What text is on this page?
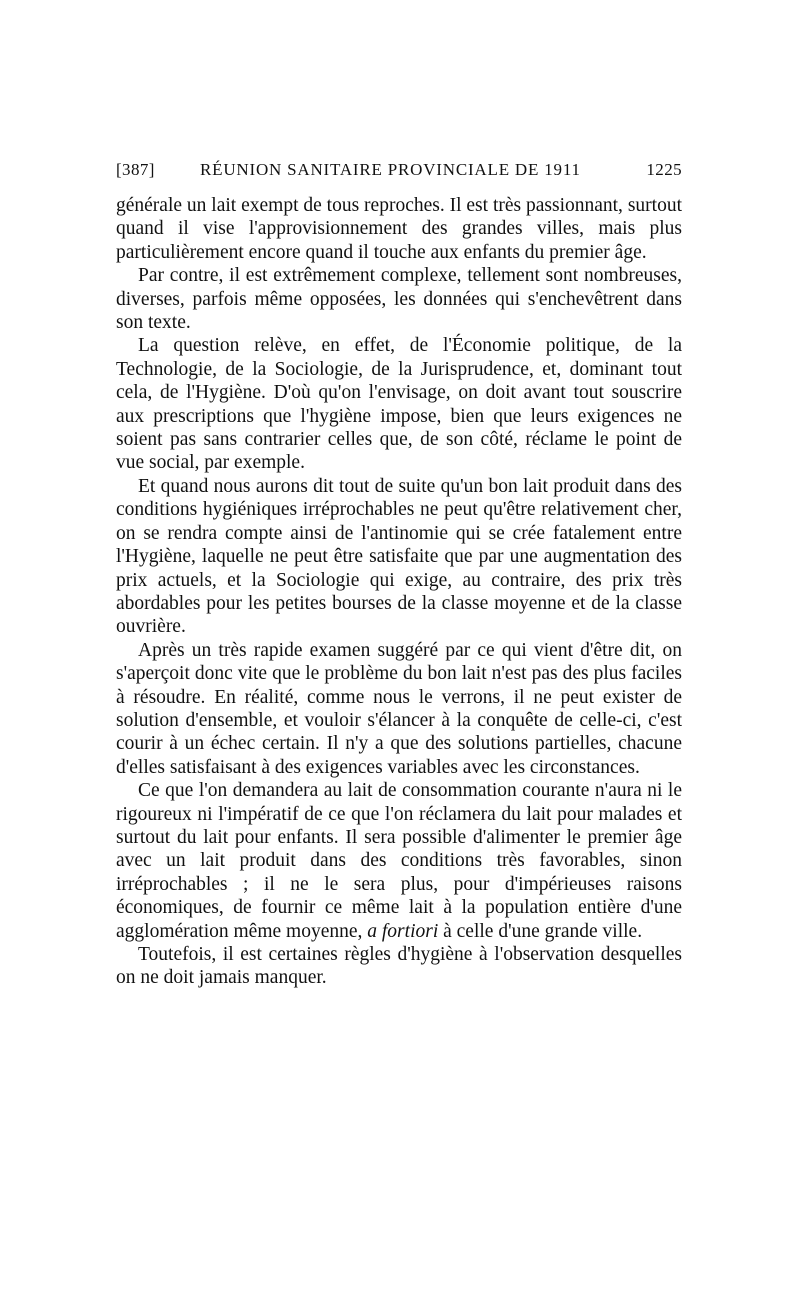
[387]	RÉUNION SANITAIRE PROVINCIALE DE 1911	1225

générale un lait exempt de tous reproches. Il est très passionnant, surtout quand il vise l'approvisionnement des grandes villes, mais plus particulièrement encore quand il touche aux enfants du premier âge.

Par contre, il est extrêmement complexe, tellement sont nombreuses, diverses, parfois même opposées, les données qui s'enchevêtrent dans son texte.

La question relève, en effet, de l'Économie politique, de la Technologie, de la Sociologie, de la Jurisprudence, et, dominant tout cela, de l'Hygiène. D'où qu'on l'envisage, on doit avant tout souscrire aux prescriptions que l'hygiène impose, bien que leurs exigences ne soient pas sans contrarier celles que, de son côté, réclame le point de vue social, par exemple.

Et quand nous aurons dit tout de suite qu'un bon lait produit dans des conditions hygiéniques irréprochables ne peut qu'être relativement cher, on se rendra compte ainsi de l'antinomie qui se crée fatalement entre l'Hygiène, laquelle ne peut être satisfaite que par une augmentation des prix actuels, et la Sociologie qui exige, au contraire, des prix très abordables pour les petites bourses de la classe moyenne et de la classe ouvrière.

Après un très rapide examen suggéré par ce qui vient d'être dit, on s'aperçoit donc vite que le problème du bon lait n'est pas des plus faciles à résoudre. En réalité, comme nous le verrons, il ne peut exister de solution d'ensemble, et vouloir s'élancer à la conquête de celle-ci, c'est courir à un échec certain. Il n'y a que des solutions partielles, chacune d'elles satisfaisant à des exigences variables avec les circonstances.

Ce que l'on demandera au lait de consommation courante n'aura ni le rigoureux ni l'impératif de ce que l'on réclamera du lait pour malades et surtout du lait pour enfants. Il sera possible d'alimenter le premier âge avec un lait produit dans des conditions très favorables, sinon irréprochables ; il ne le sera plus, pour d'impérieuses raisons économiques, de fournir ce même lait à la population entière d'une agglomération même moyenne, a fortiori à celle d'une grande ville.

Toutefois, il est certaines règles d'hygiène à l'observation desquelles on ne doit jamais manquer.
